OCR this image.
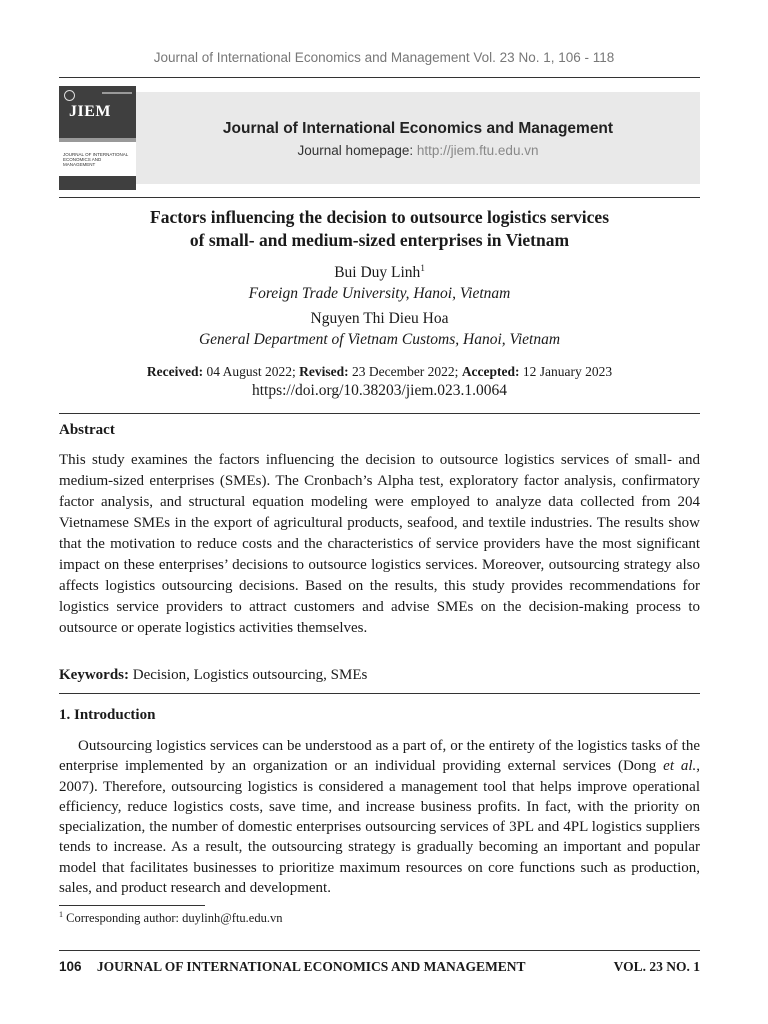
Journal of International Economics and Management Vol. 23 No. 1, 106 - 118
JIEM
JOURNAL OF INTERNATIONAL ECONOMICS AND MANAGEMENT
Journal of International Economics and Management
Journal homepage: http://jiem.ftu.edu.vn
Factors influencing the decision to outsource logistics services
of small- and medium-sized enterprises in Vietnam
Bui Duy Linh$^1$
Foreign Trade University, Hanoi, Vietnam
Nguyen Thi Dieu Hoa
General Department of Vietnam Customs, Hanoi, Vietnam
Received: 04 August 2022; Revised: 23 December 2022; Accepted: 12 January 2023
https://doi.org/10.38203/jiem.023.1.0064
Abstract

This study examines the factors influencing the decision to outsource logistics services of small- and medium-sized enterprises (SMEs). The Cronbach’s Alpha test, exploratory factor analysis, confirmatory factor analysis, and structural equation modeling were employed to analyze data collected from 204 Vietnamese SMEs in the export of agricultural products, seafood, and textile industries. The results show that the motivation to reduce costs and the characteristics of service providers have the most significant impact on these enterprises’ decisions to outsource logistics services. Moreover, outsourcing strategy also affects logistics outsourcing decisions. Based on the results, this study provides recommendations for logistics service providers to attract customers and advise SMEs on the decision-making process to outsource or operate logistics activities themselves.

Keywords: Decision, Logistics outsourcing, SMEs
1. Introduction

Outsourcing logistics services can be understood as a part of, or the entirety of the logistics tasks of the enterprise implemented by an organization or an individual providing external services (Dong et al., 2007). Therefore, outsourcing logistics is considered a management tool that helps improve operational efficiency, reduce logistics costs, save time, and increase business profits. In fact, with the priority on specialization, the number of domestic enterprises outsourcing services of 3PL and 4PL logistics suppliers tends to increase. As a result, the outsourcing strategy is gradually becoming an important and popular model that facilitates businesses to prioritize maximum resources on core functions such as production, sales, and product research and development.

$^1$ Corresponding author: duylinh@ftu.edu.vn
106 JOURNAL OF INTERNATIONAL ECONOMICS AND MANAGEMENT	VOL. 23 NO. 1
